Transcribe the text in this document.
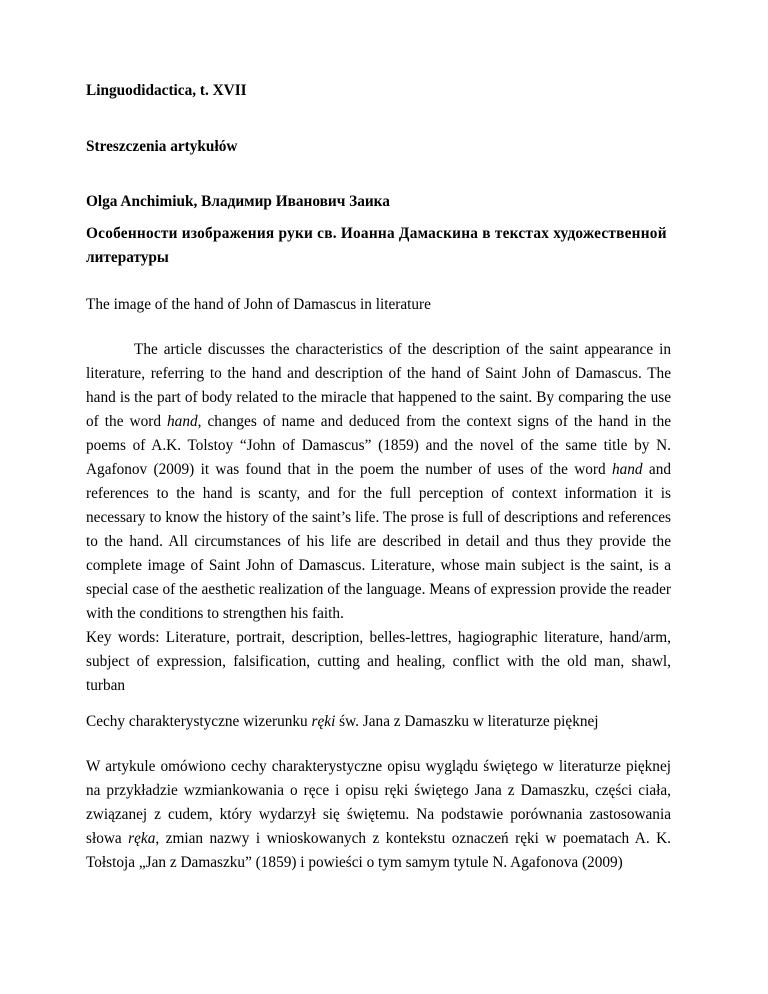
Linguodidactica, t. XVII
Streszczenia artykułów
Olga Anchimiuk, Владимир Иванович Заика
Особенности изображения руки св. Иоанна Дамаскина в текстах художественной
литературы
The image of the hand of John of Damascus in literature

The article discusses the characteristics of the description of the saint appearance in literature, referring to the hand and description of the hand of Saint John of Damascus. The hand is the part of body related to the miracle that happened to the saint. By comparing the use of the word hand, changes of name and deduced from the context signs of the hand in the poems of A.K. Tolstoy “John of Damascus” (1859) and the novel of the same title by N. Agafonov (2009) it was found that in the poem the number of uses of the word hand and references to the hand is scanty, and for the full perception of context information it is necessary to know the history of the saint’s life. The prose is full of descriptions and references to the hand. All circumstances of his life are described in detail and thus they provide the complete image of Saint John of Damascus. Literature, whose main subject is the saint, is a special case of the aesthetic realization of the language. Means of expression provide the reader with the conditions to strengthen his faith.

Key words: Literature, portrait, description, belles-lettres, hagiographic literature, hand/arm, subject of expression, falsification, cutting and healing, conflict with the old man, shawl, turban

Cechy charakterystyczne wizerunku ręki św. Jana z Damaszku w literaturze pięknej

W artykule omówiono cechy charakterystyczne opisu wyglądu świętego w literaturze pięknej na przykładzie wzmiankowania o ręce i opisu ręki świętego Jana z Damaszku, części ciała, związanej z cudem, który wydarzył się świętemu. Na podstawie porównania zastosowania słowa ręka, zmian nazwy i wnioskowanych z kontekstu oznaczeń ręki w poematach A. K. Tołstoja „Jan z Damaszku” (1859) i powieści o tym samym tytule N. Agafonova (2009)
